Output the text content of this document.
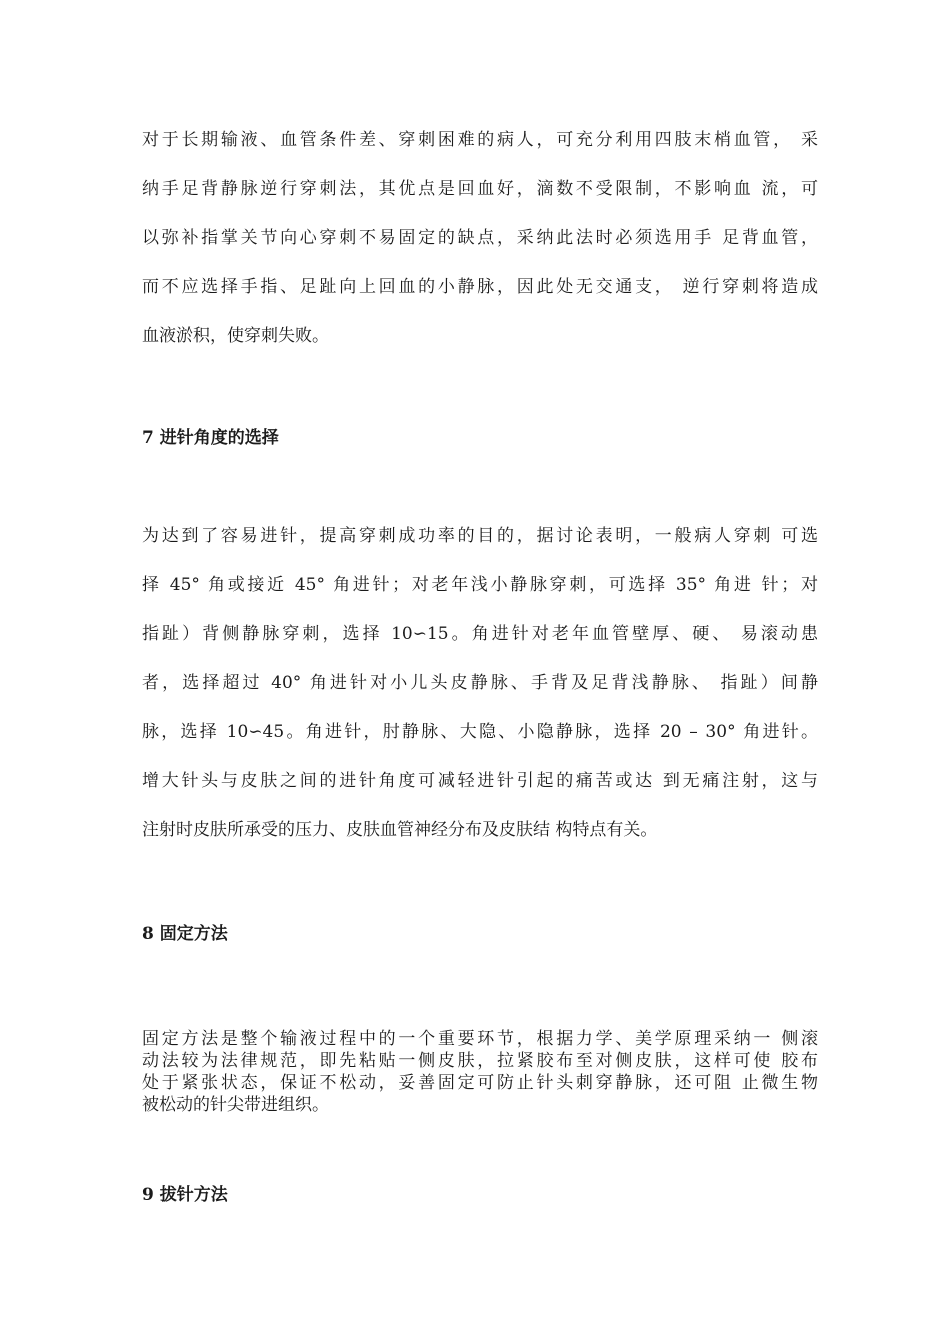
对于长期输液、血管条件差、穿刺困难的病人，可充分利用四肢末梢血管， 采

纳手足背静脉逆行穿刺法，其优点是回血好，滴数不受限制，不影响血 流，可

以弥补指掌关节向心穿刺不易固定的缺点，采纳此法时必须选用手 足背血管，

而不应选择手指、足趾向上回血的小静脉，因此处无交通支， 逆行穿刺将造成

血液淤积，使穿刺失败。

7 进针角度的选择

为达到了容易进针，提高穿刺成功率的目的，据讨论表明，一般病人穿刺 可选

择 45° 角或接近 45° 角进针；对老年浅小静脉穿刺，可选择 35° 角进 针；对

指趾）背侧静脉穿刺，选择 10∽15。角进针对老年血管壁厚、硬、 易滚动患

者，选择超过 40° 角进针对小儿头皮静脉、手背及足背浅静脉、 指趾）间静

脉，选择 10∽45。角进针，肘静脉、大隐、小隐静脉，选择 20 – 30° 角进针。

增大针头与皮肤之间的进针角度可减轻进针引起的痛苦或达 到无痛注射，这与

注射时皮肤所承受的压力、皮肤血管神经分布及皮肤结 构特点有关。

8 固定方法

固定方法是整个输液过程中的一个重要环节，根据力学、美学原理采纳一 侧滚

动法较为法律规范，即先粘贴一侧皮肤，拉紧胶布至对侧皮肤，这样可使 胶布

处于紧张状态，保证不松动，妥善固定可防止针头刺穿静脉，还可阻 止微生物

被松动的针尖带进组织。

9 拔针方法
